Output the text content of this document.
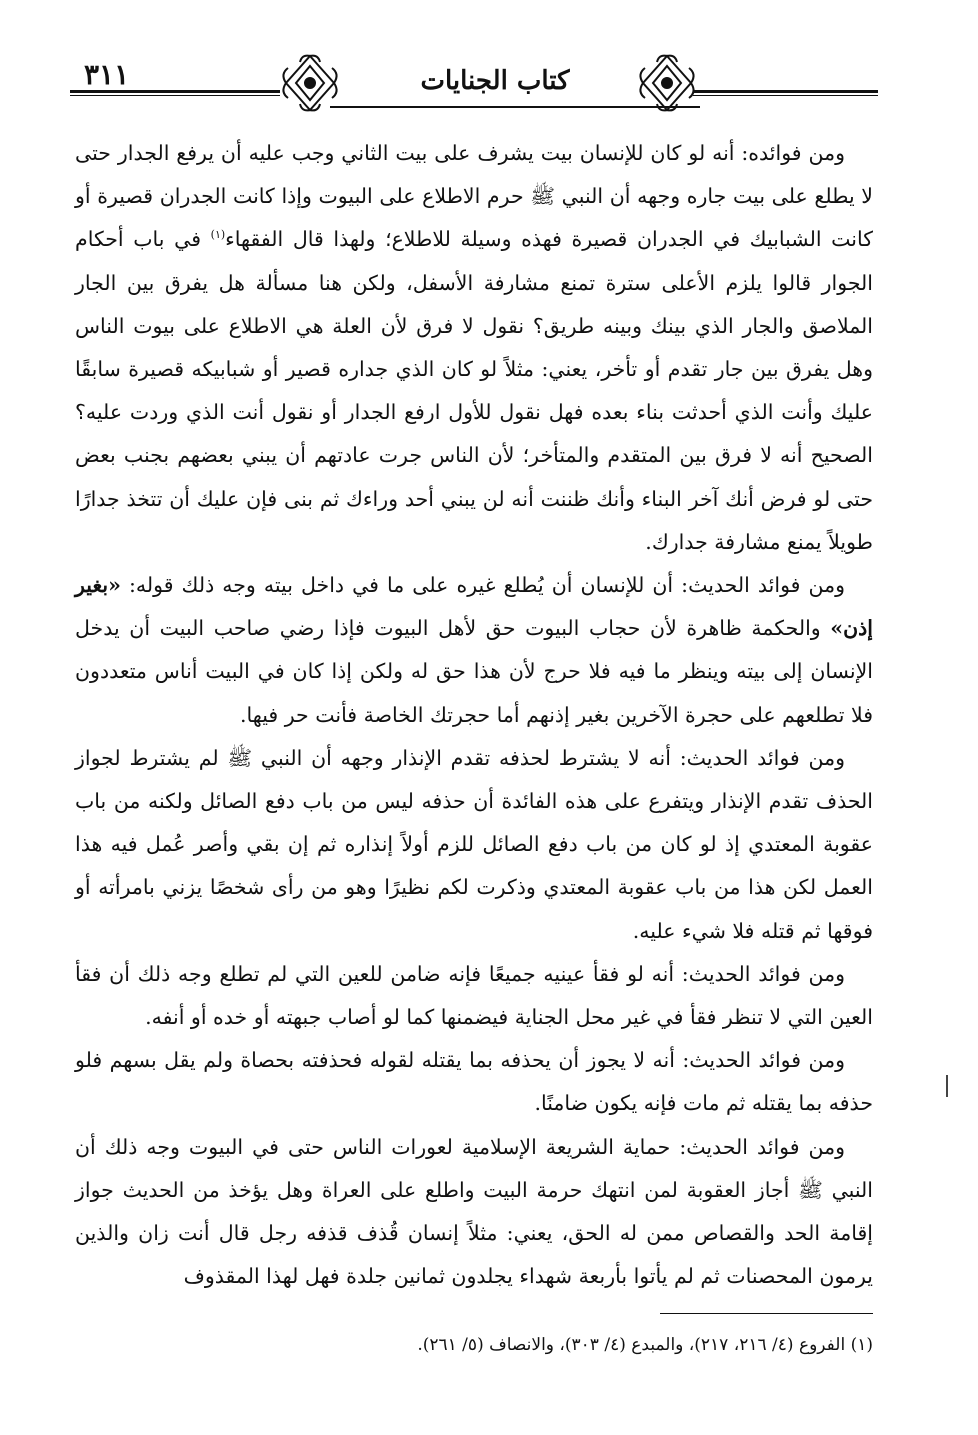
٣١١	كتاب الجنايات

ومن فوائده: أنه لو كان للإنسان بيت يشرف على بيت الثاني وجب عليه أن يرفع الجدار حتى لا يطلع على بيت جاره وجهه أن النبي ﷺ حرم الاطلاع على البيوت وإذا كانت الجدران قصيرة أو كانت الشبابيك في الجدران قصيرة فهذه وسيلة للاطلاع؛ ولهذا قال الفقهاء$^{(١)}$ في باب أحكام الجوار قالوا يلزم الأعلى سترة تمنع مشارفة الأسفل، ولكن هنا مسألة هل يفرق بين الجار الملاصق والجار الذي بينك وبينه طريق؟ نقول لا فرق لأن العلة هي الاطلاع على بيوت الناس وهل يفرق بين جار تقدم أو تأخر، يعني: مثلاً لو كان الذي جداره قصير أو شبابيكه قصيرة سابقًا عليك وأنت الذي أحدثت بناء بعده فهل نقول للأول ارفع الجدار أو نقول أنت الذي وردت عليه؟ الصحيح أنه لا فرق بين المتقدم والمتأخر؛ لأن الناس جرت عادتهم أن يبني بعضهم بجنب بعض حتى لو فرض أنك آخر البناء وأنك ظننت أنه لن يبني أحد وراءك ثم بنى فإن عليك أن تتخذ جدارًا طويلاً يمنع مشارفة جدارك.

ومن فوائد الحديث: أن للإنسان أن يُطلع غيره على ما في داخل بيته وجه ذلك قوله: «بغير إذن» والحكمة ظاهرة لأن حجاب البيوت حق لأهل البيوت فإذا رضي صاحب البيت أن يدخل الإنسان إلى بيته وينظر ما فيه فلا حرج لأن هذا حق له ولكن إذا كان في البيت أناس متعددون فلا تطلعهم على حجرة الآخرين بغير إذنهم أما حجرتك الخاصة فأنت حر فيها.

ومن فوائد الحديث: أنه لا يشترط لحذفه تقدم الإنذار وجهه أن النبي ﷺ لم يشترط لجواز الحذف تقدم الإنذار ويتفرع على هذه الفائدة أن حذفه ليس من باب دفع الصائل ولكنه من باب عقوبة المعتدي إذ لو كان من باب دفع الصائل للزم أولاً إنذاره ثم إن بقي وأصر عُمل فيه هذا العمل لكن هذا من باب عقوبة المعتدي وذكرت لكم نظيرًا وهو من رأى شخصًا يزني بامرأته أو فوقها ثم قتله فلا شيء عليه.

ومن فوائد الحديث: أنه لو فقأ عينيه جميعًا فإنه ضامن للعين التي لم تطلع وجه ذلك أن فقأ العين التي لا تنظر فقأ في غير محل الجناية فيضمنها كما لو أصاب جبهته أو خده أو أنفه.

ومن فوائد الحديث: أنه لا يجوز أن يحذفه بما يقتله لقوله فحذفته بحصاة ولم يقل بسهم فلو حذفه بما يقتله ثم مات فإنه يكون ضامنًا.

ومن فوائد الحديث: حماية الشريعة الإسلامية لعورات الناس حتى في البيوت وجه ذلك أن النبي ﷺ أجاز العقوبة لمن انتهك حرمة البيت واطلع على العراة وهل يؤخذ من الحديث جواز إقامة الحد والقصاص ممن له الحق، يعني: مثلاً إنسان قُذف قذفه رجل قال أنت زان والذين يرمون المحصنات ثم لم يأتوا بأربعة شهداء يجلدون ثمانين جلدة فهل لهذا المقذوف

(١) الفروع (٤/ ٢١٦، ٢١٧)، والمبدع (٤/ ٣٠٣)، والانصاف (٥/ ٢٦١).
